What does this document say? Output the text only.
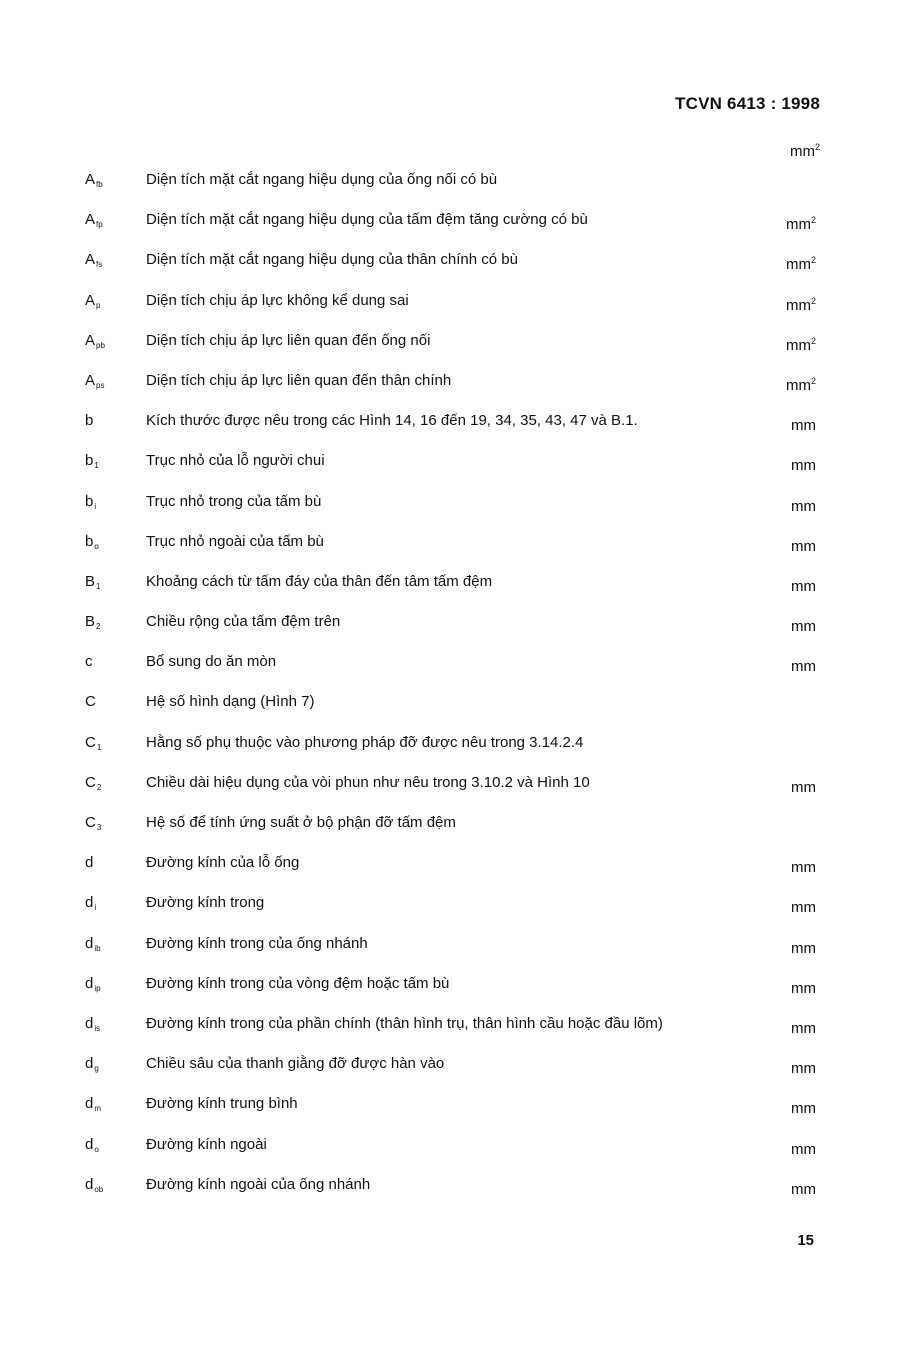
TCVN 6413 : 1998
$mm^2$
$A_{fb}$	Diện tích mặt cắt ngang hiệu dụng của ống nối có bù
$A_{fp}$	Diện tích mặt cắt ngang hiệu dụng của tấm đệm tăng cường có bù	$mm^2$
$A_{fs}$	Diện tích mặt cắt ngang hiệu dụng của thân chính có bù	$mm^2$
$A_p$	Diện tích chịu áp lực không kể dung sai	$mm^2$
$A_{pb}$	Diện tích chịu áp lực liên quan đến ống nối	$mm^2$
$A_{ps}$	Diện tích chịu áp lực liên quan đến thân chính	$mm^2$
b	Kích thước được nêu trong các Hình 14, 16 đến 19, 34, 35, 43, 47 và B.1.	mm
$b_1$	Trục nhỏ của lỗ người chui	mm
$b_i$	Trục nhỏ trong của tấm bù	mm
$b_o$	Trục nhỏ ngoài của tấm bù	mm
$B_1$	Khoảng cách từ tấm đáy của thân đến tâm tấm đệm	mm
$B_2$	Chiều rộng của tấm đệm trên	mm
c	Bổ sung do ăn mòn	mm
C	Hệ số hình dạng (Hình 7)
$C_1$	Hằng số phụ thuộc vào phương pháp đỡ được nêu trong 3.14.2.4
$C_2$	Chiều dài hiệu dụng của vòi phun như nêu trong 3.10.2 và Hình 10	mm
$C_3$	Hệ số để tính ứng suất ở bộ phận đỡ tấm đệm
d	Đường kính của lỗ ống	mm
$d_i$	Đường kính trong	mm
$d_{ib}$	Đường kính trong của ống nhánh	mm
$d_{ip}$	Đường kính trong của vòng đệm hoặc tấm bù	mm
$d_{is}$	Đường kính trong của phần chính (thân hình trụ, thân hình cầu hoặc đầu lõm)	mm
$d_g$	Chiều sâu của thanh giằng đỡ được hàn vào	mm
$d_m$	Đường kính trung bình	mm
$d_o$	Đường kính ngoài	mm
$d_{ob}$	Đường kính ngoài của ống nhánh	mm
15
